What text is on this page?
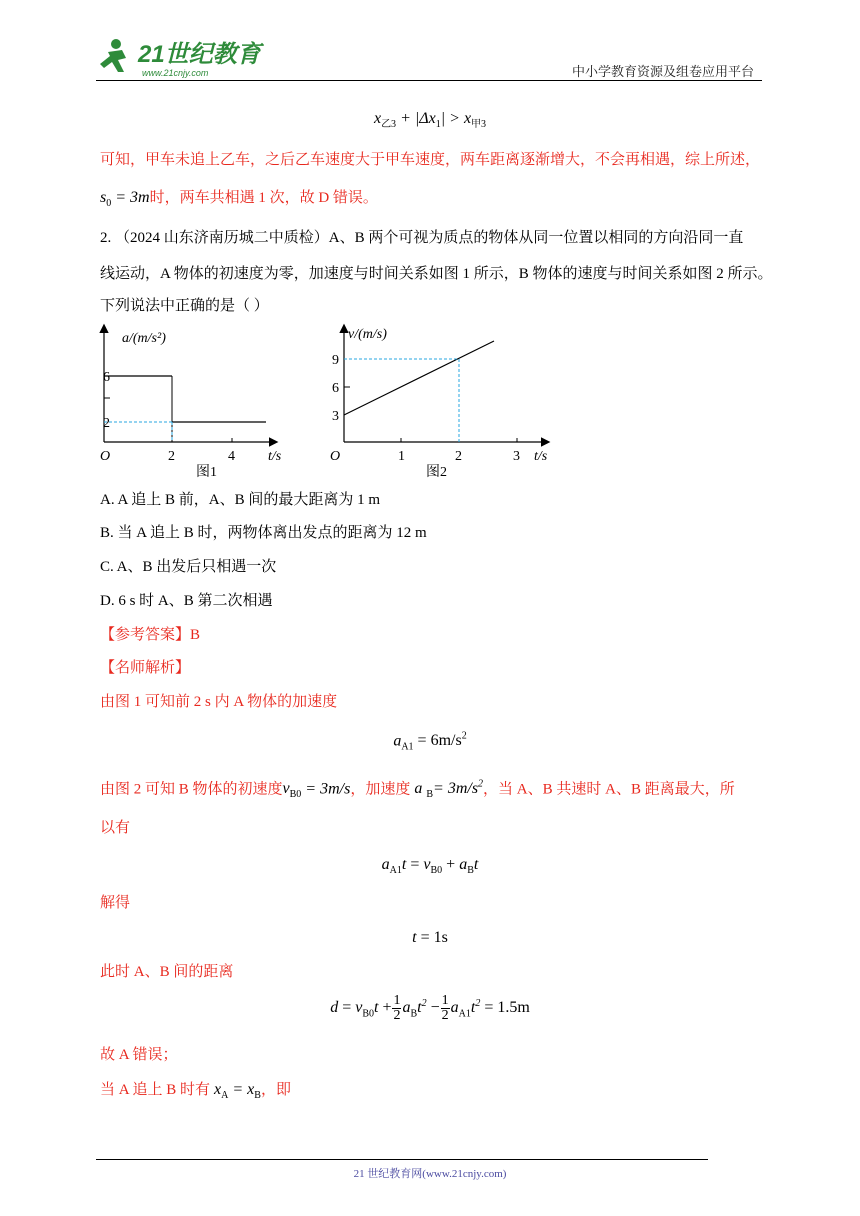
21世纪教育
www.21cnjy.com	中小学教育资源及组卷应用平台
$x_{乙3} + |\Delta x_1| > x_{甲3}$
可知，甲车未追上乙车，之后乙车速度大于甲车速度，两车距离逐渐增大，不会再相遇，综上所述，
$s_0 = 3m$时，两车共相遇 1 次，故 D 错误。
2. （2024 山东济南历城二中质检）A、B 两个可视为质点的物体从同一位置以相同的方向沿同一直
线运动，A 物体的初速度为零，加速度与时间关系如图 1 所示，B 物体的速度与时间关系如图 2 所示。
下列说法中正确的是（ ）
a/(m/s²)
6
2
2	4 t/s
O
图1
v/(m/s)
9
6
3
1	2	3 t/s
O
图2
A. A 追上 B 前，A、B 间的最大距离为 1 m
B. 当 A 追上 B 时，两物体离出发点的距离为 12 m
C. A、B 出发后只相遇一次
D. 6 s 时 A、B 第二次相遇
【参考答案】B
【名师解析】
由图 1 可知前 2 s 内 A 物体的加速度
$a_{A1} = 6m/s^2$
由图 2 可知 B 物体的初速度$v_{B0} = 3m/s$，加速度 a $_B= 3m/s^2$，当 A、B 共速时 A、B 距离最大，所
以有
$a_{A1}t = v_{B0} + a_Bt$
解得
t = 1s
此时 A、B 间的距离
$d = v_{B0}t + \frac{1}{2} a_Bt^2 - \frac{1}{2} a_{A1}t^2 = 1.5m$
故 A 错误；
当 A 追上 B 时有 $x_A = x_B$，即
21 世纪教育网(www.21cnjy.com)
